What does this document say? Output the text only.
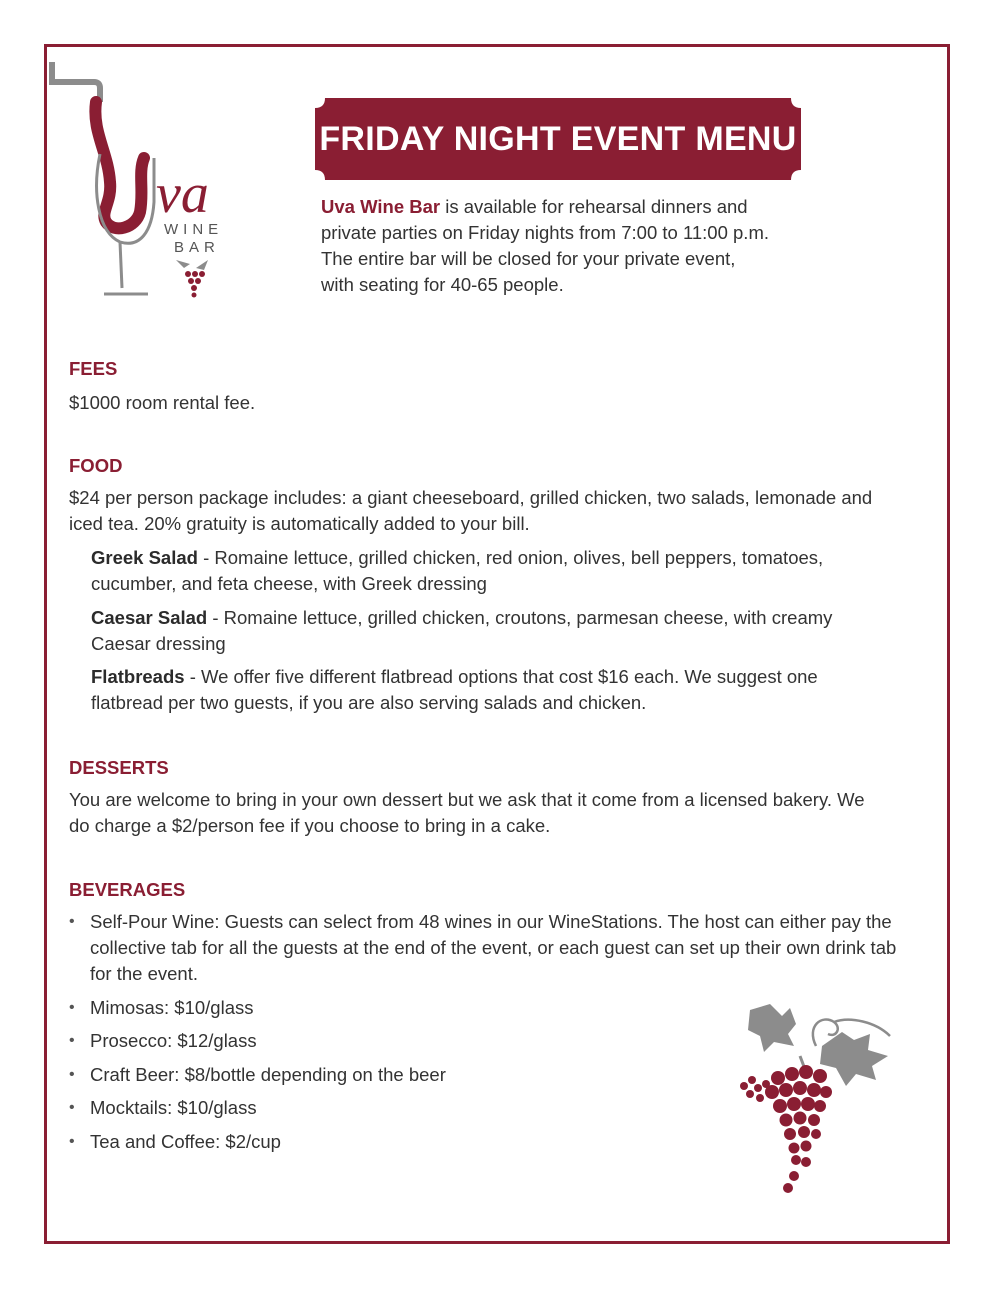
va
WINE
BAR
FRIDAY NIGHT EVENT MENU
Uva Wine Bar is available for rehearsal dinners and
private parties on Friday nights from 7:00 to 11:00 p.m.
The entire bar will be closed for your private event,
with seating for 40-65 people.
FEES
$1000 room rental fee.
FOOD
$24 per person package includes: a giant cheeseboard, grilled chicken, two salads, lemonade and iced tea. 20% gratuity is automatically added to your bill.
Greek Salad - Romaine lettuce, grilled chicken, red onion, olives, bell peppers, tomatoes, cucumber, and feta cheese, with Greek dressing
Caesar Salad - Romaine lettuce, grilled chicken, croutons, parmesan cheese, with creamy Caesar dressing
Flatbreads - We offer five different flatbread options that cost $16 each. We suggest one flatbread per two guests, if you are also serving salads and chicken.
DESSERTS
You are welcome to bring in your own dessert but we ask that it come from a licensed bakery. We do charge a $2/person fee if you choose to bring in a cake.
BEVERAGES
• Self-Pour Wine: Guests can select from 48 wines in our WineStations. The host can either pay the collective tab for all the guests at the end of the event, or each guest can set up their own drink tab for the event.
• Mimosas: $10/glass
• Prosecco: $12/glass
• Craft Beer: $8/bottle depending on the beer
• Mocktails: $10/glass
• Tea and Coffee: $2/cup
